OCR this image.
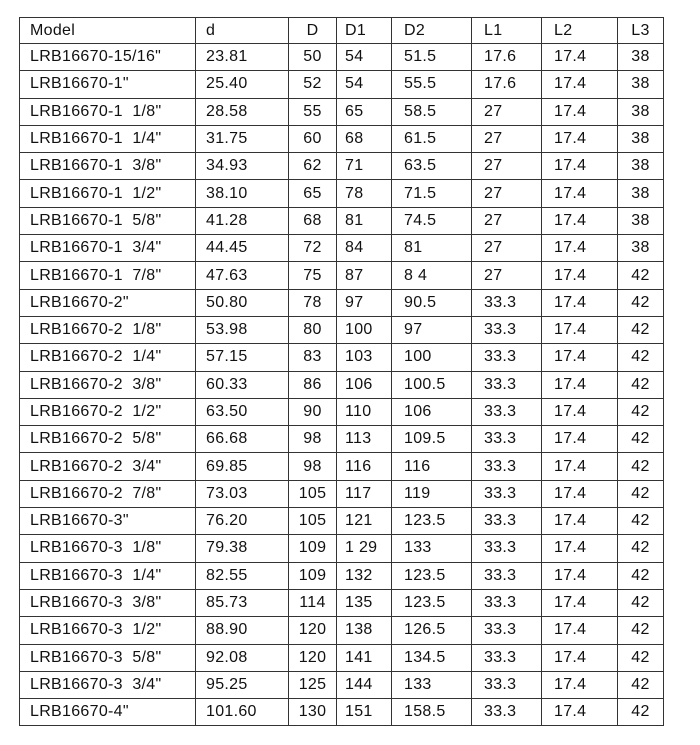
Model	d	D	D1	D2	L1	L2	L3
LRB16670-15/16"	23.81	50	54	51.5	17.6	17.4	38
LRB16670-1"	25.40	52	54	55.5	17.6	17.4	38
LRB16670-1  1/8"	28.58	55	65	58.5	27	17.4	38
LRB16670-1  1/4"	31.75	60	68	61.5	27	17.4	38
LRB16670-1  3/8"	34.93	62	71	63.5	27	17.4	38
LRB16670-1  1/2"	38.10	65	78	71.5	27	17.4	38
LRB16670-1  5/8"	41.28	68	81	74.5	27	17.4	38
LRB16670-1  3/4"	44.45	72	84	81	27	17.4	38
LRB16670-1  7/8"	47.63	75	87	8 4	27	17.4	42
LRB16670-2"	50.80	78	97	90.5	33.3	17.4	42
LRB16670-2  1/8"	53.98	80	100	97	33.3	17.4	42
LRB16670-2  1/4"	57.15	83	103	100	33.3	17.4	42
LRB16670-2  3/8"	60.33	86	106	100.5	33.3	17.4	42
LRB16670-2  1/2"	63.50	90	110	106	33.3	17.4	42
LRB16670-2  5/8"	66.68	98	113	109.5	33.3	17.4	42
LRB16670-2  3/4"	69.85	98	116	116	33.3	17.4	42
LRB16670-2  7/8"	73.03	105	117	119	33.3	17.4	42
LRB16670-3"	76.20	105	121	123.5	33.3	17.4	42
LRB16670-3  1/8"	79.38	109	1 29	133	33.3	17.4	42
LRB16670-3  1/4"	82.55	109	132	123.5	33.3	17.4	42
LRB16670-3  3/8"	85.73	114	135	123.5	33.3	17.4	42
LRB16670-3  1/2"	88.90	120	138	126.5	33.3	17.4	42
LRB16670-3  5/8"	92.08	120	141	134.5	33.3	17.4	42
LRB16670-3  3/4"	95.25	125	144	133	33.3	17.4	42
LRB16670-4"	101.60	130	151	158.5	33.3	17.4	42
